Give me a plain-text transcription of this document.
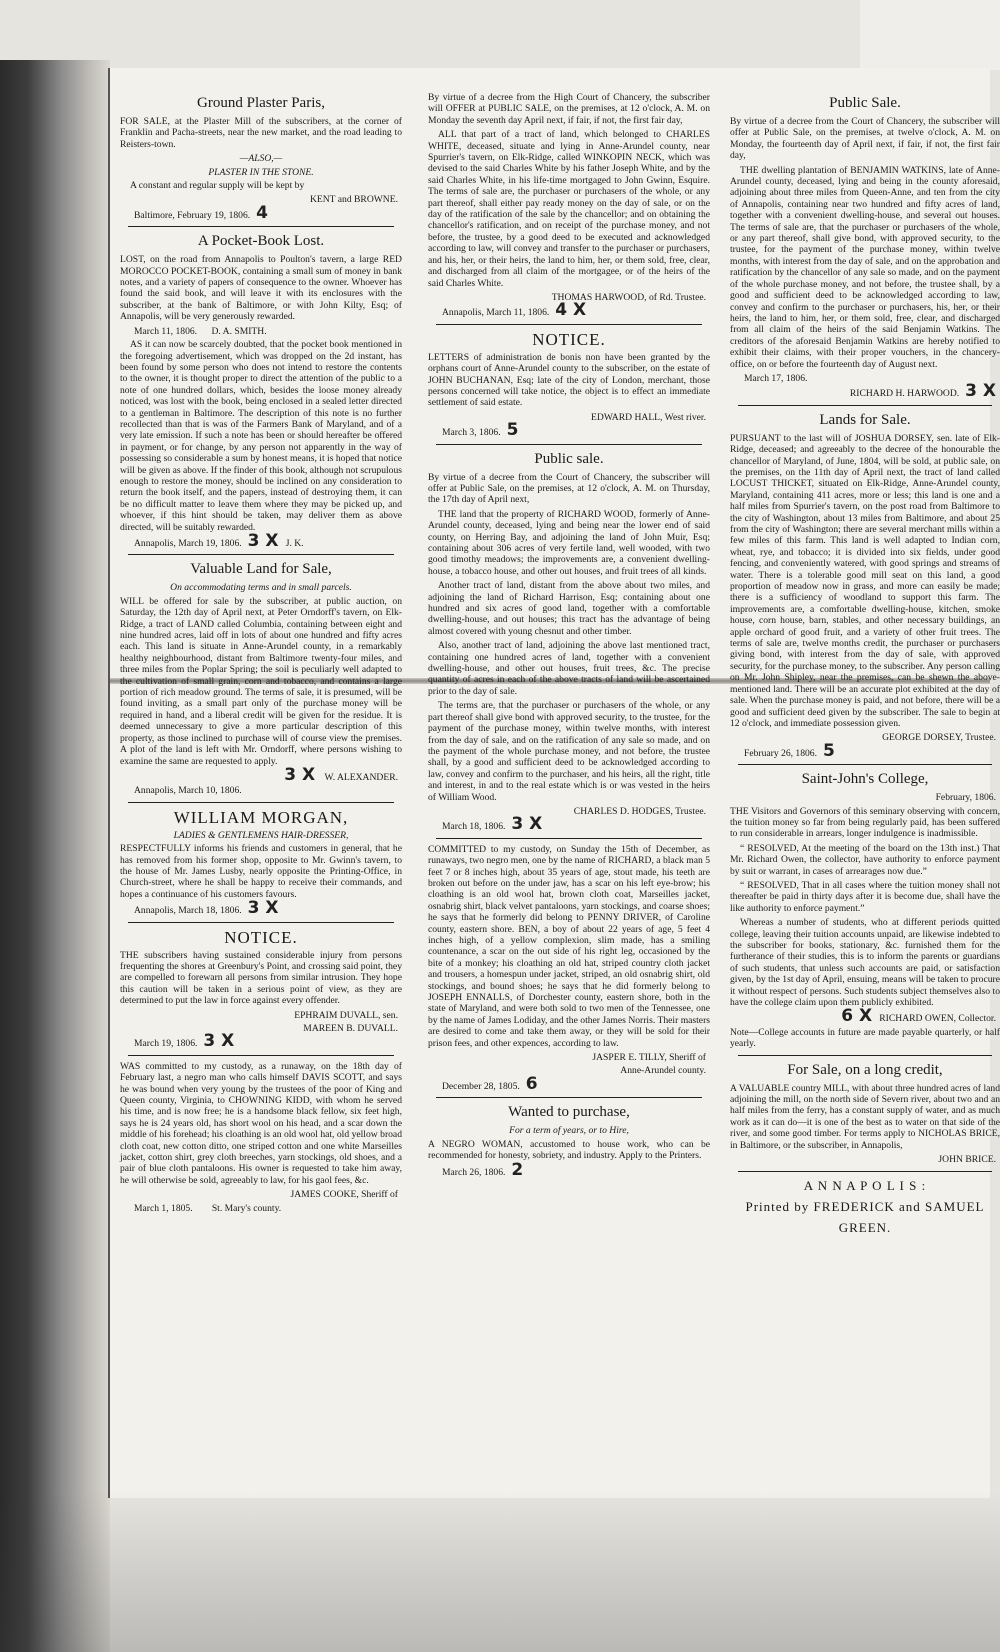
Ground Plaster Paris,

FOR SALE, at the Plaster Mill of the subscribers, at the corner of Franklin and Pacha-streets, near the new market, and the road leading to Reisters-town.

—ALSO,—
PLASTER IN THE STONE.

A constant and regular supply will be kept by

KENT and BROWNE.
Baltimore, February 19, 1806. 4
A Pocket-Book Lost.

LOST, on the road from Annapolis to Poulton's tavern, a large RED MOROCCO POCKET-BOOK, containing a small sum of money in bank notes, and a variety of papers of consequence to the owner. Whoever has found the said book, and will leave it with its enclosures with the subscriber, at the bank of Baltimore, or with John Kilty, Esq; of Annapolis, will be very generously rewarded.

March 11, 1806. D. A. SMITH.

AS it can now be scarcely doubted, that the pocket book mentioned in the foregoing advertisement, which was dropped on the 2d instant, has been found by some person who does not intend to restore the contents to the owner, it is thought proper to direct the attention of the public to a note of one hundred dollars, which, besides the loose money already noticed, was lost with the book, being enclosed in a sealed letter directed to a gentleman in Baltimore. The description of this note is no further recollected than that is was of the Farmers Bank of Maryland, and of a very late emission. If such a note has been or should hereafter be offered in payment, or for change, by any person not apparently in the way of possessing so considerable a sum by honest means, it is hoped that notice will be given as above. If the finder of this book, although not scrupulous enough to restore the money, should be inclined on any consideration to return the book itself, and the papers, instead of destroying them, it can be no difficult matter to leave them where they may be picked up, and whoever, if this hint should be taken, may deliver them as above directed, will be suitably rewarded.

Annapolis, March 19, 1806. 3 X J. K.
Valuable Land for Sale,
On accommodating terms and in small parcels.

WILL be offered for sale by the subscriber, at public auction, on Saturday, the 12th day of April next, at Peter Orndorff's tavern, on Elk-Ridge, a tract of LAND called Columbia, containing between eight and nine hundred acres, laid off in lots of about one hundred and fifty acres each. This land is situate in Anne-Arundel county, in a remarkably healthy neighbourhood, distant from Baltimore twenty-four miles, and three miles from the Poplar Spring; the soil is peculiarly well adapted to the cultivation of small grain, corn and tobacco, and contains a large portion of rich meadow ground. The terms of sale, it is presumed, will be found inviting, as a small part only of the purchase money will be required in hand, and a liberal credit will be given for the residue. It is deemed unnecessary to give a more particular description of this property, as those inclined to purchase will of course view the premises. A plot of the land is left with Mr. Orndorff, where persons wishing to examine the same are requested to apply.

3 X W. ALEXANDER.
Annapolis, March 10, 1806.
WILLIAM MORGAN,
LADIES & GENTLEMENS HAIR-DRESSER,

RESPECTFULLY informs his friends and customers in general, that he has removed from his former shop, opposite to Mr. Gwinn's tavern, to the house of Mr. James Lusby, nearly opposite the Printing-Office, in Church-street, where he shall be happy to receive their commands, and hopes a continuance of his customers favours.

Annapolis, March 18, 1806. 3 X
NOTICE.

THE subscribers having sustained considerable injury from persons frequenting the shores at Greenbury's Point, and crossing said point, they are compelled to forewarn all persons from similar intrusion. They hope this caution will be taken in a serious point of view, as they are determined to put the law in force against every offender.

EPHRAIM DUVALL, sen.
MAREEN B. DUVALL.
March 19, 1806. 3 X

WAS committed to my custody, as a runaway, on the 18th day of February last, a negro man who calls himself DAVIS SCOTT, and says he was bound when very young by the trustees of the poor of King and Queen county, Virginia, to CHOWNING KIDD, with whom he served his time, and is now free; he is a handsome black fellow, six feet high, says he is 24 years old, has short wool on his head, and a scar down the middle of his forehead; his cloathing is an old wool hat, old yellow broad cloth coat, new cotton ditto, one striped cotton and one white Marseilles jacket, cotton shirt, grey cloth breeches, yarn stockings, old shoes, and a pair of blue cloth pantaloons. His owner is requested to take him away, he will otherwise be sold, agreeably to law, for his gaol fees, &c.

JAMES COOKE, Sheriff of
March 1, 1805. St. Mary's county.

By virtue of a decree from the High Court of Chancery, the subscriber will OFFER at PUBLIC SALE, on the premises, at 12 o'clock, A. M. on Monday the seventh day April next, if fair, if not, the first fair day,

ALL that part of a tract of land, which belonged to CHARLES WHITE, deceased, situate and lying in Anne-Arundel county, near Spurrier's tavern, on Elk-Ridge, called WINKOPIN NECK, which was devised to the said Charles White by his father Joseph White, and by the said Charles White, in his life-time mortgaged to John Gwinn, Esquire. The terms of sale are, the purchaser or purchasers of the whole, or any part thereof, shall either pay ready money on the day of sale, or on the day of the ratification of the sale by the chancellor; and on obtaining the chancellor's ratification, and on receipt of the purchase money, and not before, the trustee, by a good deed to be executed and acknowledged according to law, will convey and transfer to the purchaser or purchasers, and his, her, or their heirs, the land to him, her, or them sold, free, clear, and discharged from all claim of the mortgagee, or of the heirs of the said Charles White.

THOMAS HARWOOD, of Rd. Trustee.
Annapolis, March 11, 1806. 4 X
NOTICE.

LETTERS of administration de bonis non have been granted by the orphans court of Anne-Arundel county to the subscriber, on the estate of JOHN BUCHANAN, Esq; late of the city of London, merchant, those persons concerned will take notice, the object is to effect an immediate settlement of said estate.

EDWARD HALL, West river.
March 3, 1806. 5
Public sale.

By virtue of a decree from the Court of Chancery, the subscriber will offer at Public Sale, on the premises, at 12 o'clock, A. M. on Thursday, the 17th day of April next,

THE land that the property of RICHARD WOOD, formerly of Anne-Arundel county, deceased, lying and being near the lower end of said county, on Herring Bay, and adjoining the land of John Muir, Esq; containing about 306 acres of very fertile land, well wooded, with two good timothy meadows; the improvements are, a convenient dwelling-house, a tobacco house, and other out houses, and fruit trees of all kinds.

Another tract of land, distant from the above about two miles, and adjoining the land of Richard Harrison, Esq; containing about one hundred and six acres of good land, together with a comfortable dwelling-house, and out houses; this tract has the advantage of being almost covered with young chesnut and other timber.

Also, another tract of land, adjoining the above last mentioned tract, containing one hundred acres of land, together with a convenient dwelling-house, and other out houses, fruit trees, &c. The precise quantity of acres in each of the above tracts of land will be ascertained prior to the day of sale.

The terms are, that the purchaser or purchasers of the whole, or any part thereof shall give bond with approved security, to the trustee, for the payment of the purchase money, within twelve months, with interest from the day of sale, and on the ratification of any sale so made, and on the payment of the whole purchase money, and not before, the trustee shall, by a good and sufficient deed to be acknowledged according to law, convey and confirm to the purchaser, and his heirs, all the right, title and interest, in and to the real estate which is or was vested in the heirs of William Wood.

CHARLES D. HODGES, Trustee.
March 18, 1806. 3 X

COMMITTED to my custody, on Sunday the 15th of December, as runaways, two negro men, one by the name of RICHARD, a black man 5 feet 7 or 8 inches high, about 35 years of age, stout made, his teeth are broken out before on the under jaw, has a scar on his left eye-brow; his cloathing is an old wool hat, brown cloth coat, Marseilles jacket, osnabrig shirt, black velvet pantaloons, yarn stockings, and coarse shoes; he says that he formerly did belong to PENNY DRIVER, of Caroline county, eastern shore. BEN, a boy of about 22 years of age, 5 feet 4 inches high, of a yellow complexion, slim made, has a smiling countenance, a scar on the out side of his right leg, occasioned by the bite of a monkey; his cloathing an old hat, striped country cloth jacket and trousers, a homespun under jacket, striped, an old osnabrig shirt, old stockings, and bound shoes; he says that he did formerly belong to JOSEPH ENNALLS, of Dorchester county, eastern shore, both in the state of Maryland, and were both sold to two men of the Tennessee, one by the name of James Lodiday, and the other James Norris. Their masters are desired to come and take them away, or they will be sold for their prison fees, and other expences, according to law.

JASPER E. TILLY, Sheriff of
Anne-Arundel county.
December 28, 1805. 6
Wanted to purchase,
For a term of years, or to Hire,

A NEGRO WOMAN, accustomed to house work, who can be recommended for honesty, sobriety, and industry. Apply to the Printers.

March 26, 1806. 2
Public Sale.

By virtue of a decree from the Court of Chancery, the subscriber will offer at Public Sale, on the premises, at twelve o'clock, A. M. on Monday, the fourteenth day of April next, if fair, if not, the first fair day,

THE dwelling plantation of BENJAMIN WATKINS, late of Anne-Arundel county, deceased, lying and being in the county aforesaid, adjoining about three miles from Queen-Anne, and ten from the city of Annapolis, containing near two hundred and fifty acres of land, together with a convenient dwelling-house, and several out houses. The terms of sale are, that the purchaser or purchasers of the whole, or any part thereof, shall give bond, with approved security, to the trustee, for the payment of the purchase money, within twelve months, with interest from the day of sale, and on the approbation and ratification by the chancellor of any sale so made, and on the payment of the whole purchase money, and not before, the trustee shall, by a good and sufficient deed to be acknowledged according to law, convey and confirm to the purchaser or purchasers, his, her, or their heirs, the land to him, her, or them sold, free, clear, and discharged from all claim of the heirs of the said Benjamin Watkins. The creditors of the aforesaid Benjamin Watkins are hereby notified to exhibit their claims, with their proper vouchers, in the chancery-office, on or before the fourteenth day of August next.

March 17, 1806.
RICHARD H. HARWOOD. 3 X
Lands for Sale.

PURSUANT to the last will of JOSHUA DORSEY, sen. late of Elk-Ridge, deceased; and agreeably to the decree of the honourable the chancellor of Maryland, of June, 1804, will be sold, at public sale, on the premises, on the 11th day of April next, the tract of land called LOCUST THICKET, situated on Elk-Ridge, Anne-Arundel county, Maryland, containing 411 acres, more or less; this land is one and a half miles from Spurrier's tavern, on the post road from Baltimore to the city of Washington, about 13 miles from Baltimore, and about 25 from the city of Washington; there are several merchant mills within a few miles of this farm. This land is well adapted to Indian corn, wheat, rye, and tobacco; it is divided into six fields, under good fencing, and conveniently watered, with good springs and streams of water. There is a tolerable good mill seat on this land, a good proportion of meadow now in grass, and more can easily be made; there is a sufficiency of woodland to support this farm. The improvements are, a comfortable dwelling-house, kitchen, smoke house, corn house, barn, stables, and other necessary buildings, an apple orchard of good fruit, and a variety of other fruit trees. The terms of sale are, twelve months credit, the purchaser or purchasers giving bond, with interest from the day of sale, with approved security, for the purchase money, to the subscriber. Any person calling on Mr. John Shipley, near the premises, can be shewn the above-mentioned land. There will be an accurate plot exhibited at the day of sale. When the purchase money is paid, and not before, there will be a good and sufficient deed given by the subscriber. The sale to begin at 12 o'clock, and immediate possession given.

GEORGE DORSEY, Trustee.
February 26, 1806. 5
Saint-John's College,
February, 1806.

THE Visitors and Governors of this seminary observing with concern, the tuition money so far from being regularly paid, has been suffered to run considerable in arrears, longer indulgence is inadmissible.

“ RESOLVED, At the meeting of the board on the 13th inst.) That Mr. Richard Owen, the collector, have authority to enforce payment by suit or warrant, in cases of arrearages now due.”

“ RESOLVED, That in all cases where the tuition money shall not thereafter be paid in thirty days after it is become due, shall have the like authority to enforce payment.”

Whereas a number of students, who at different periods quitted college, leaving their tuition accounts unpaid, are likewise indebted to the subscriber for books, stationary, &c. furnished them for the furtherance of their studies, this is to inform the parents or guardians of such students, that unless such accounts are paid, or satisfaction given, by the 1st day of April, ensuing, means will be taken to procure it without respect of persons. Such students subject themselves also to have the college claim upon them publicly exhibited.

6 X RICHARD OWEN, Collector.

Note—College accounts in future are made payable quarterly, or half yearly.

For Sale, on a long credit,

A VALUABLE country MILL, with about three hundred acres of land adjoining the mill, on the north side of Severn river, about two and an half miles from the ferry, has a constant supply of water, and as much work as it can do—it is one of the best as to water on that side of the river, and some good timber. For terms apply to NICHOLAS BRICE, in Baltimore, or the subscriber, in Annapolis,

JOHN BRICE.
A N N A P O L I S :
Printed by FREDERICK and SAMUEL
GREEN.
